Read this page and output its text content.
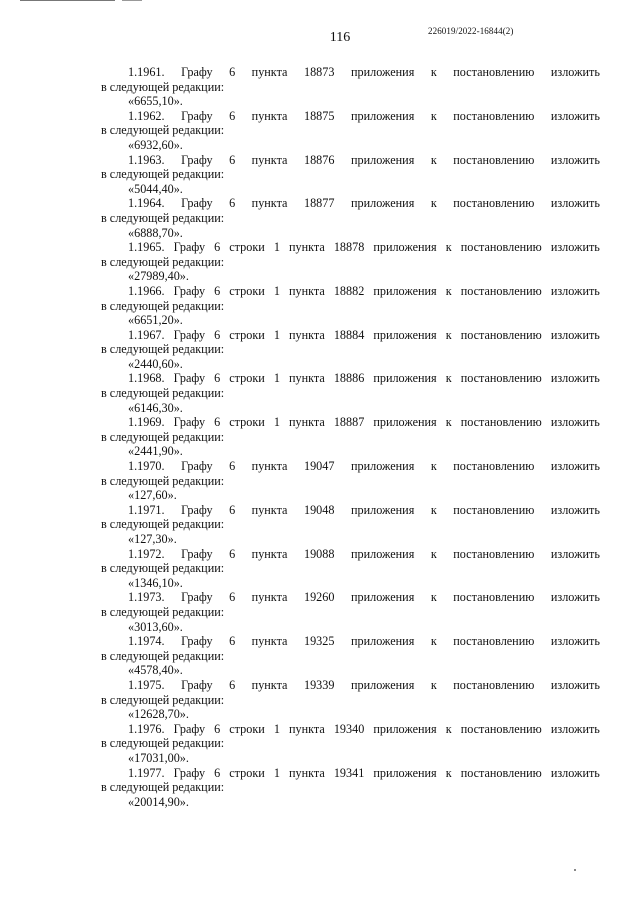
116	226019/2022-16844(2)
1.1961. Графу 6 пункта 18873 приложения к постановлению изложить
в следующей редакции:
«6655,10».
1.1962. Графу 6 пункта 18875 приложения к постановлению изложить
в следующей редакции:
«6932,60».
1.1963. Графу 6 пункта 18876 приложения к постановлению изложить
в следующей редакции:
«5044,40».
1.1964. Графу 6 пункта 18877 приложения к постановлению изложить
в следующей редакции:
«6888,70».
1.1965. Графу 6 строки 1 пункта 18878 приложения к постановлению изложить
в следующей редакции:
«27989,40».
1.1966. Графу 6 строки 1 пункта 18882 приложения к постановлению изложить
в следующей редакции:
«6651,20».
1.1967. Графу 6 строки 1 пункта 18884 приложения к постановлению изложить
в следующей редакции:
«2440,60».
1.1968. Графу 6 строки 1 пункта 18886 приложения к постановлению изложить
в следующей редакции:
«6146,30».
1.1969. Графу 6 строки 1 пункта 18887 приложения к постановлению изложить
в следующей редакции:
«2441,90».
1.1970. Графу 6 пункта 19047 приложения к постановлению изложить
в следующей редакции:
«127,60».
1.1971. Графу 6 пункта 19048 приложения к постановлению изложить
в следующей редакции:
«127,30».
1.1972. Графу 6 пункта 19088 приложения к постановлению изложить
в следующей редакции:
«1346,10».
1.1973. Графу 6 пункта 19260 приложения к постановлению изложить
в следующей редакции:
«3013,60».
1.1974. Графу 6 пункта 19325 приложения к постановлению изложить
в следующей редакции:
«4578,40».
1.1975. Графу 6 пункта 19339 приложения к постановлению изложить
в следующей редакции:
«12628,70».
1.1976. Графу 6 строки 1 пункта 19340 приложения к постановлению изложить
в следующей редакции:
«17031,00».
1.1977. Графу 6 строки 1 пункта 19341 приложения к постановлению изложить
в следующей редакции:
«20014,90».
